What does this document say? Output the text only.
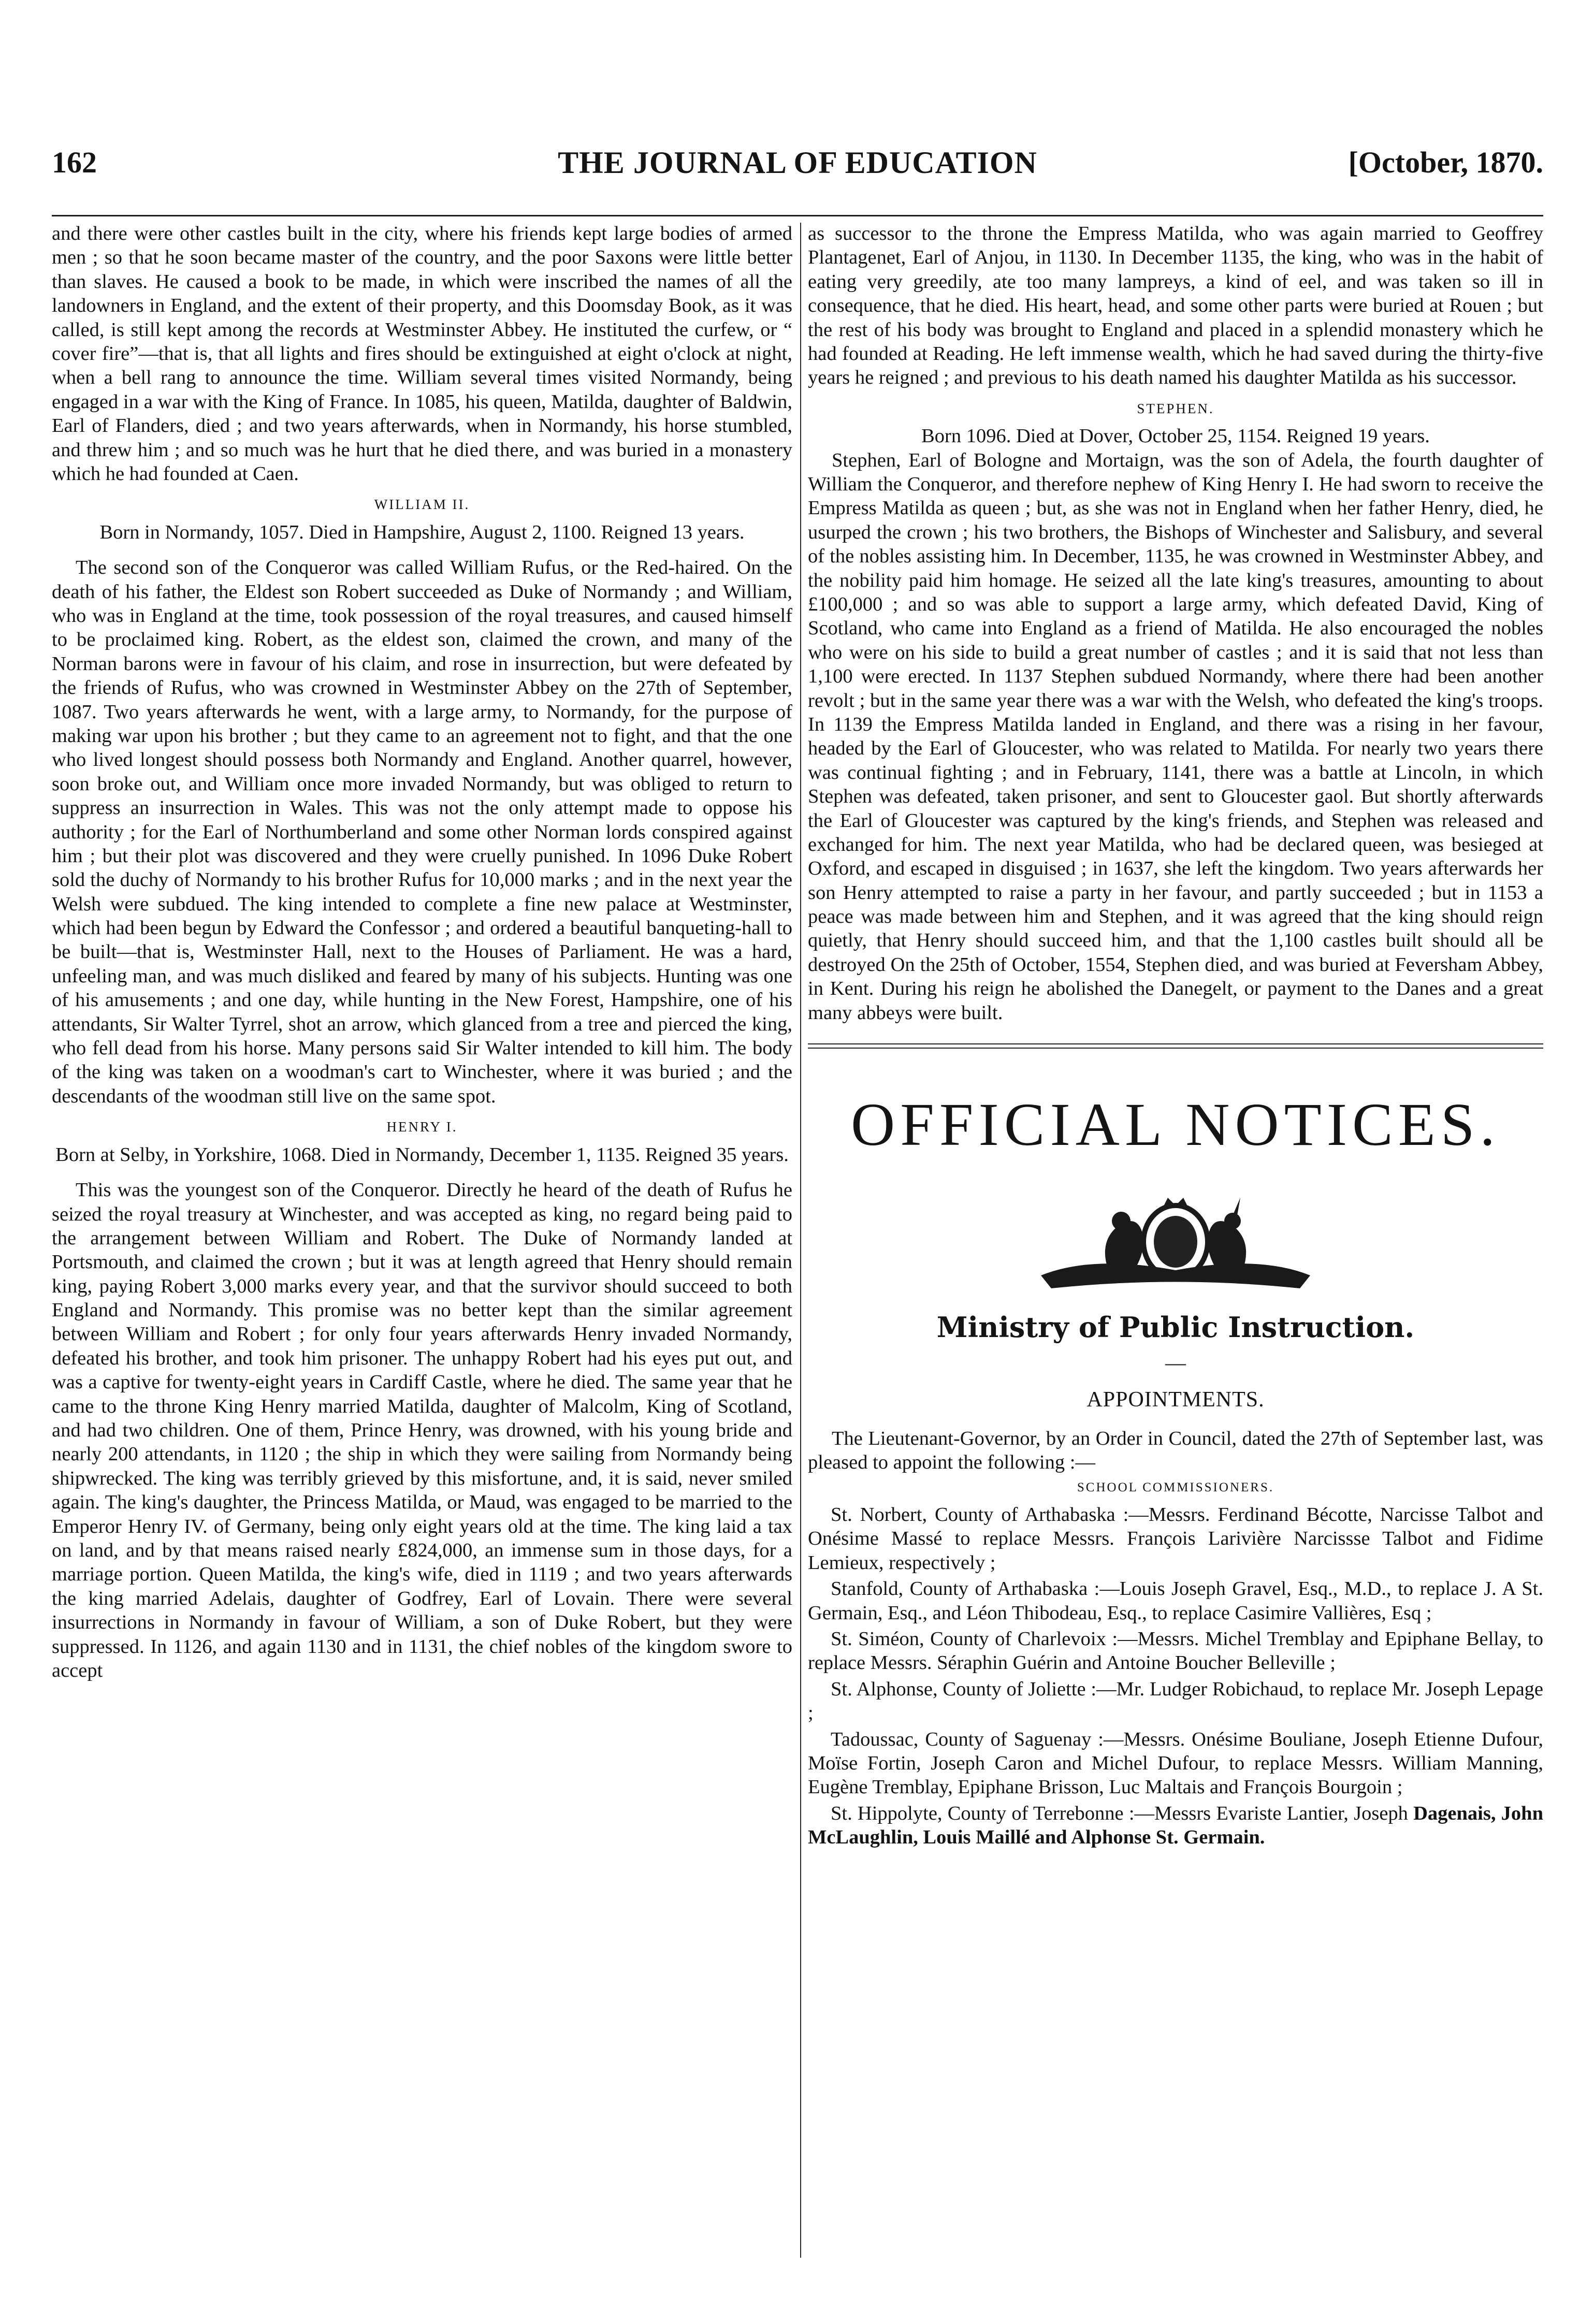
162	THE JOURNAL OF EDUCATION	[October, 1870.

and there were other castles built in the city, where his friends kept large bodies of armed men ; so that he soon became master of the country, and the poor Saxons were little better than slaves. He caused a book to be made, in which were inscribed the names of all the landowners in England, and the extent of their property, and this Doomsday Book, as it was called, is still kept among the records at Westminster Abbey. He instituted the curfew, or “ cover fire”—that is, that all lights and fires should be extinguished at eight o'clock at night, when a bell rang to announce the time. William several times visited Normandy, being engaged in a war with the King of France. In 1085, his queen, Matilda, daughter of Baldwin, Earl of Flanders, died ; and two years afterwards, when in Normandy, his horse stumbled, and threw him ; and so much was he hurt that he died there, and was buried in a monastery which he had founded at Caen.

WILLIAM II.

Born in Normandy, 1057. Died in Hampshire, August 2, 1100. Reigned 13 years.

The second son of the Conqueror was called William Rufus, or the Red-haired. On the death of his father, the Eldest son Robert succeeded as Duke of Normandy ; and William, who was in England at the time, took possession of the royal treasures, and caused himself to be proclaimed king. Robert, as the eldest son, claimed the crown, and many of the Norman barons were in favour of his claim, and rose in insurrection, but were defeated by the friends of Rufus, who was crowned in Westminster Abbey on the 27th of September, 1087. Two years afterwards he went, with a large army, to Normandy, for the purpose of making war upon his brother ; but they came to an agreement not to fight, and that the one who lived longest should possess both Normandy and England. Another quarrel, however, soon broke out, and William once more invaded Normandy, but was obliged to return to suppress an insurrection in Wales. This was not the only attempt made to oppose his authority ; for the Earl of Northumberland and some other Norman lords conspired against him ; but their plot was discovered and they were cruelly punished. In 1096 Duke Robert sold the duchy of Normandy to his brother Rufus for 10,000 marks ; and in the next year the Welsh were subdued. The king intended to complete a fine new palace at Westminster, which had been begun by Edward the Confessor ; and ordered a beautiful banqueting-hall to be built—that is, Westminster Hall, next to the Houses of Parliament. He was a hard, unfeeling man, and was much disliked and feared by many of his subjects. Hunting was one of his amusements ; and one day, while hunting in the New Forest, Hampshire, one of his attendants, Sir Walter Tyrrel, shot an arrow, which glanced from a tree and pierced the king, who fell dead from his horse. Many persons said Sir Walter intended to kill him. The body of the king was taken on a woodman's cart to Winchester, where it was buried ; and the descendants of the woodman still live on the same spot.

HENRY I.

Born at Selby, in Yorkshire, 1068. Died in Normandy, December 1, 1135. Reigned 35 years.

This was the youngest son of the Conqueror. Directly he heard of the death of Rufus he seized the royal treasury at Winchester, and was accepted as king, no regard being paid to the arrangement between William and Robert. The Duke of Normandy landed at Portsmouth, and claimed the crown ; but it was at length agreed that Henry should remain king, paying Robert 3,000 marks every year, and that the survivor should succeed to both England and Normandy. This promise was no better kept than the similar agreement between William and Robert ; for only four years afterwards Henry invaded Normandy, defeated his brother, and took him prisoner. The unhappy Robert had his eyes put out, and was a captive for twenty-eight years in Cardiff Castle, where he died. The same year that he came to the throne King Henry married Matilda, daughter of Malcolm, King of Scotland, and had two children. One of them, Prince Henry, was drowned, with his young bride and nearly 200 attendants, in 1120 ; the ship in which they were sailing from Normandy being shipwrecked. The king was terribly grieved by this misfortune, and, it is said, never smiled again. The king's daughter, the Princess Matilda, or Maud, was engaged to be married to the Emperor Henry IV. of Germany, being only eight years old at the time. The king laid a tax on land, and by that means raised nearly £824,000, an immense sum in those days, for a marriage portion. Queen Matilda, the king's wife, died in 1119 ; and two years afterwards the king married Adelais, daughter of Godfrey, Earl of Lovain. There were several insurrections in Normandy in favour of William, a son of Duke Robert, but they were suppressed. In 1126, and again 1130 and in 1131, the chief nobles of the kingdom swore to accept

as successor to the throne the Empress Matilda, who was again married to Geoffrey Plantagenet, Earl of Anjou, in 1130. In December 1135, the king, who was in the habit of eating very greedily, ate too many lampreys, a kind of eel, and was taken so ill in consequence, that he died. His heart, head, and some other parts were buried at Rouen ; but the rest of his body was brought to England and placed in a splendid monastery which he had founded at Reading. He left immense wealth, which he had saved during the thirty-five years he reigned ; and previous to his death named his daughter Matilda as his successor.

STEPHEN.

Born 1096. Died at Dover, October 25, 1154. Reigned 19 years.

Stephen, Earl of Bologne and Mortaign, was the son of Adela, the fourth daughter of William the Conqueror, and therefore nephew of King Henry I. He had sworn to receive the Empress Matilda as queen ; but, as she was not in England when her father Henry, died, he usurped the crown ; his two brothers, the Bishops of Winchester and Salisbury, and several of the nobles assisting him. In December, 1135, he was crowned in Westminster Abbey, and the nobility paid him homage. He seized all the late king's treasures, amounting to about £100,000 ; and so was able to support a large army, which defeated David, King of Scotland, who came into England as a friend of Matilda. He also encouraged the nobles who were on his side to build a great number of castles ; and it is said that not less than 1,100 were erected. In 1137 Stephen subdued Normandy, where there had been another revolt ; but in the same year there was a war with the Welsh, who defeated the king's troops. In 1139 the Empress Matilda landed in England, and there was a rising in her favour, headed by the Earl of Gloucester, who was related to Matilda. For nearly two years there was continual fighting ; and in February, 1141, there was a battle at Lincoln, in which Stephen was defeated, taken prisoner, and sent to Gloucester gaol. But shortly afterwards the Earl of Gloucester was captured by the king's friends, and Stephen was released and exchanged for him. The next year Matilda, who had be declared queen, was besieged at Oxford, and escaped in disguised ; in 1637, she left the kingdom. Two years afterwards her son Henry attempted to raise a party in her favour, and partly succeeded ; but in 1153 a peace was made between him and Stephen, and it was agreed that the king should reign quietly, that Henry should succeed him, and that the 1,100 castles built should all be destroyed On the 25th of October, 1554, Stephen died, and was buried at Feversham Abbey, in Kent. During his reign he abolished the Danegelt, or payment to the Danes and a great many abbeys were built.

OFFICIAL NOTICES.
Ministry of Public Instruction.
—
APPOINTMENTS.

The Lieutenant-Governor, by an Order in Council, dated the 27th of September last, was pleased to appoint the following :—

SCHOOL COMMISSIONERS.

St. Norbert, County of Arthabaska :—Messrs. Ferdinand Bécotte, Narcisse Talbot and Onésime Massé to replace Messrs. François Larivière Narcissse Talbot and Fidime Lemieux, respectively ;

Stanfold, County of Arthabaska :—Louis Joseph Gravel, Esq., M.D., to replace J. A St. Germain, Esq., and Léon Thibodeau, Esq., to replace Casimire Vallières, Esq ;

St. Siméon, County of Charlevoix :—Messrs. Michel Tremblay and Epiphane Bellay, to replace Messrs. Séraphin Guérin and Antoine Boucher Belleville ;

St. Alphonse, County of Joliette :—Mr. Ludger Robichaud, to replace Mr. Joseph Lepage ;

Tadoussac, County of Saguenay :—Messrs. Onésime Bouliane, Joseph Etienne Dufour, Moïse Fortin, Joseph Caron and Michel Dufour, to replace Messrs. William Manning, Eugène Tremblay, Epiphane Brisson, Luc Maltais and François Bourgoin ;

St. Hippolyte, County of Terrebonne :—Messrs Evariste Lantier, Joseph Dagenais, John McLaughlin, Louis Maillé and Alphonse St. Germain.
